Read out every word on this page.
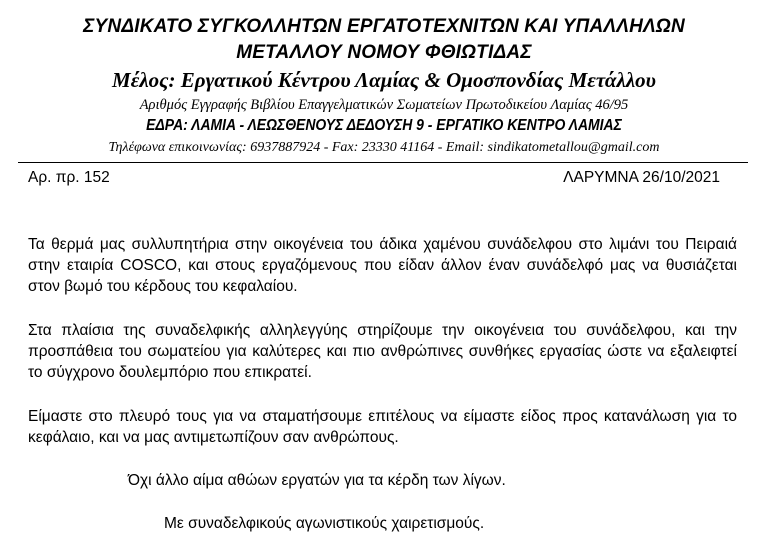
ΣΥΝΔΙΚΑΤΟ ΣΥΓΚΟΛΛΗΤΩΝ ΕΡΓΑΤΟΤΕΧΝΙΤΩΝ ΚΑΙ ΥΠΑΛΛΗΛΩΝ
ΜΕΤΑΛΛΟΥ ΝΟΜΟΥ ΦΘΙΩΤΙΔΑΣ
Μέλος: Εργατικού Κέντρου Λαμίας & Ομοσπονδίας Μετάλλου
Αριθμός Εγγραφής Βιβλίου Επαγγελματικών Σωματείων Πρωτοδικείου Λαμίας 46/95
ΕΔΡΑ: ΛΑΜΙΑ - ΛΕΩΣΘΕΝΟΥΣ ΔΕΔΟΥΣΗ 9 - ΕΡΓΑΤΙΚΟ ΚΕΝΤΡΟ ΛΑΜΙΑΣ
Τηλέφωνα επικοινωνίας: 6937887924 - Fax: 23330 41164 - Email: sindikatometallou@gmail.com
Αρ. πρ. 152	ΛΑΡΥΜΝΑ 26/10/2021
Τα θερμά μας συλλυπητήρια στην οικογένεια του άδικα χαμένου συνάδελφου στο λιμάνι του Πειραιά στην εταιρία COSCO, και στους εργαζόμενους που είδαν άλλον έναν συνάδελφό μας να θυσιάζεται στον βωμό του κέρδους του κεφαλαίου.
Στα πλαίσια της συναδελφικής αλληλεγγύης στηρίζουμε την οικογένεια του συνάδελφου, και την προσπάθεια του σωματείου για καλύτερες και πιο ανθρώπινες συνθήκες εργασίας ώστε να εξαλειφτεί το σύγχρονο δουλεμπόριο που επικρατεί.
Είμαστε στο πλευρό τους για να σταματήσουμε επιτέλους να είμαστε είδος προς κατανάλωση για το κεφάλαιο, και να μας αντιμετωπίζουν σαν ανθρώπους.
Όχι άλλο αίμα αθώων εργατών για τα κέρδη των λίγων.
Με συναδελφικούς αγωνιστικούς χαιρετισμούς.
